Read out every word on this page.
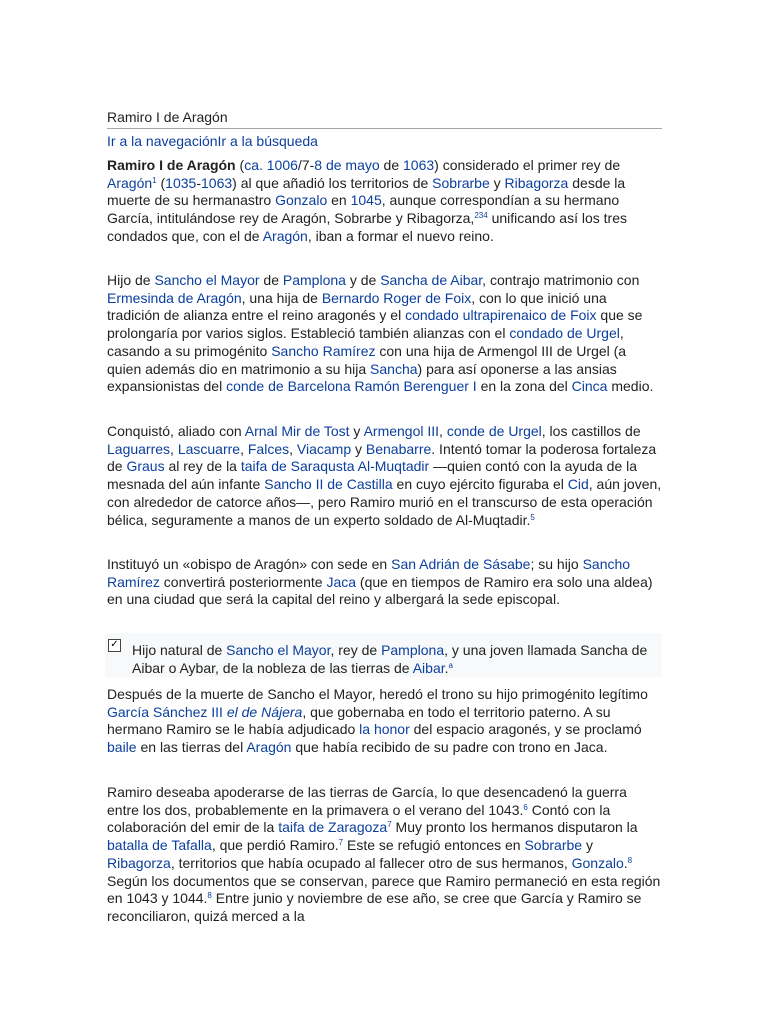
Ramiro I de Aragón
Ir a la navegaciónIr a la búsqueda

Ramiro I de Aragón (ca. 1006/7-8 de mayo de 1063) considerado el primer rey de Aragón$^1$ (1035-1063) al que añadió los territorios de Sobrarbe y Ribagorza desde la muerte de su hermanastro Gonzalo en 1045, aunque correspondían a su hermano García, intitulándose rey de Aragón, Sobrarbe y Ribagorza,$^{234}$ unificando así los tres condados que, con el de Aragón, iban a formar el nuevo reino.

Hijo de Sancho el Mayor de Pamplona y de Sancha de Aibar, contrajo matrimonio con Ermesinda de Aragón, una hija de Bernardo Roger de Foix, con lo que inició una tradición de alianza entre el reino aragonés y el condado ultrapirenaico de Foix que se prolongaría por varios siglos. Estableció también alianzas con el condado de Urgel, casando a su primogénito Sancho Ramírez con una hija de Armengol III de Urgel (a quien además dio en matrimonio a su hija Sancha) para así oponerse a las ansias expansionistas del conde de Barcelona Ramón Berenguer I en la zona del Cinca medio.

Conquistó, aliado con Arnal Mir de Tost y Armengol III, conde de Urgel, los castillos de Laguarres, Lascuarre, Falces, Viacamp y Benabarre. Intentó tomar la poderosa fortaleza de Graus al rey de la taifa de Saraqusta Al-Muqtadir —quien contó con la ayuda de la mesnada del aún infante Sancho II de Castilla en cuyo ejército figuraba el Cid, aún joven, con alrededor de catorce años—, pero Ramiro murió en el transcurso de esta operación bélica, seguramente a manos de un experto soldado de Al-Muqtadir.$^5$

Instituyó un «obispo de Aragón» con sede en San Adrián de Sásabe; su hijo Sancho Ramírez convertirá posteriormente Jaca (que en tiempos de Ramiro era solo una aldea) en una ciudad que será la capital del reino y albergará la sede episcopal.

✓ Hijo natural de Sancho el Mayor, rey de Pamplona, y una joven llamada Sancha de Aibar o Aybar, de la nobleza de las tierras de Aibar.$^a$

Después de la muerte de Sancho el Mayor, heredó el trono su hijo primogénito legítimo García Sánchez III el de Nájera, que gobernaba en todo el territorio paterno. A su hermano Ramiro se le había adjudicado la honor del espacio aragonés, y se proclamó baile en las tierras del Aragón que había recibido de su padre con trono en Jaca.

Ramiro deseaba apoderarse de las tierras de García, lo que desencadenó la guerra entre los dos, probablemente en la primavera o el verano del 1043.$^6$ Contó con la colaboración del emir de la taifa de Zaragoza$^7$ Muy pronto los hermanos disputaron la batalla de Tafalla, que perdió Ramiro.$^7$ Este se refugió entonces en Sobrarbe y Ribagorza, territorios que había ocupado al fallecer otro de sus hermanos, Gonzalo.$^8$ Según los documentos que se conservan, parece que Ramiro permaneció en esta región en 1043 y 1044.$^8$ Entre junio y noviembre de ese año, se cree que García y Ramiro se reconciliaron, quizá merced a la
